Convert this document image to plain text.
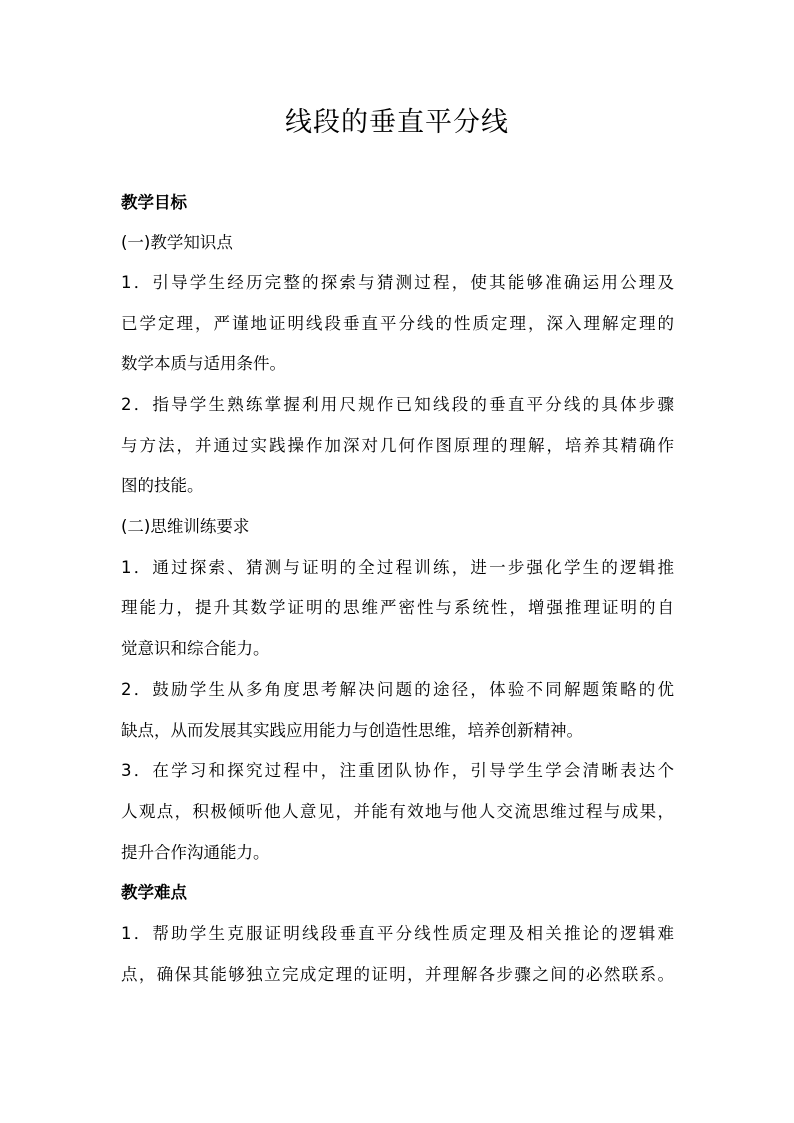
线段的垂直平分线
教学目标
(一)教学知识点
1．引导学生经历完整的探索与猜测过程，使其能够准确运用公理及
已学定理，严谨地证明线段垂直平分线的性质定理，深入理解定理的
数学本质与适用条件。
2．指导学生熟练掌握利用尺规作已知线段的垂直平分线的具体步骤
与方法，并通过实践操作加深对几何作图原理的理解，培养其精确作
图的技能。
(二)思维训练要求
1．通过探索、猜测与证明的全过程训练，进一步强化学生的逻辑推
理能力，提升其数学证明的思维严密性与系统性，增强推理证明的自
觉意识和综合能力。
2．鼓励学生从多角度思考解决问题的途径，体验不同解题策略的优
缺点，从而发展其实践应用能力与创造性思维，培养创新精神。
3．在学习和探究过程中，注重团队协作，引导学生学会清晰表达个
人观点，积极倾听他人意见，并能有效地与他人交流思维过程与成果，
提升合作沟通能力。
教学难点
1．帮助学生克服证明线段垂直平分线性质定理及相关推论的逻辑难
点，确保其能够独立完成定理的证明，并理解各步骤之间的必然联系。
